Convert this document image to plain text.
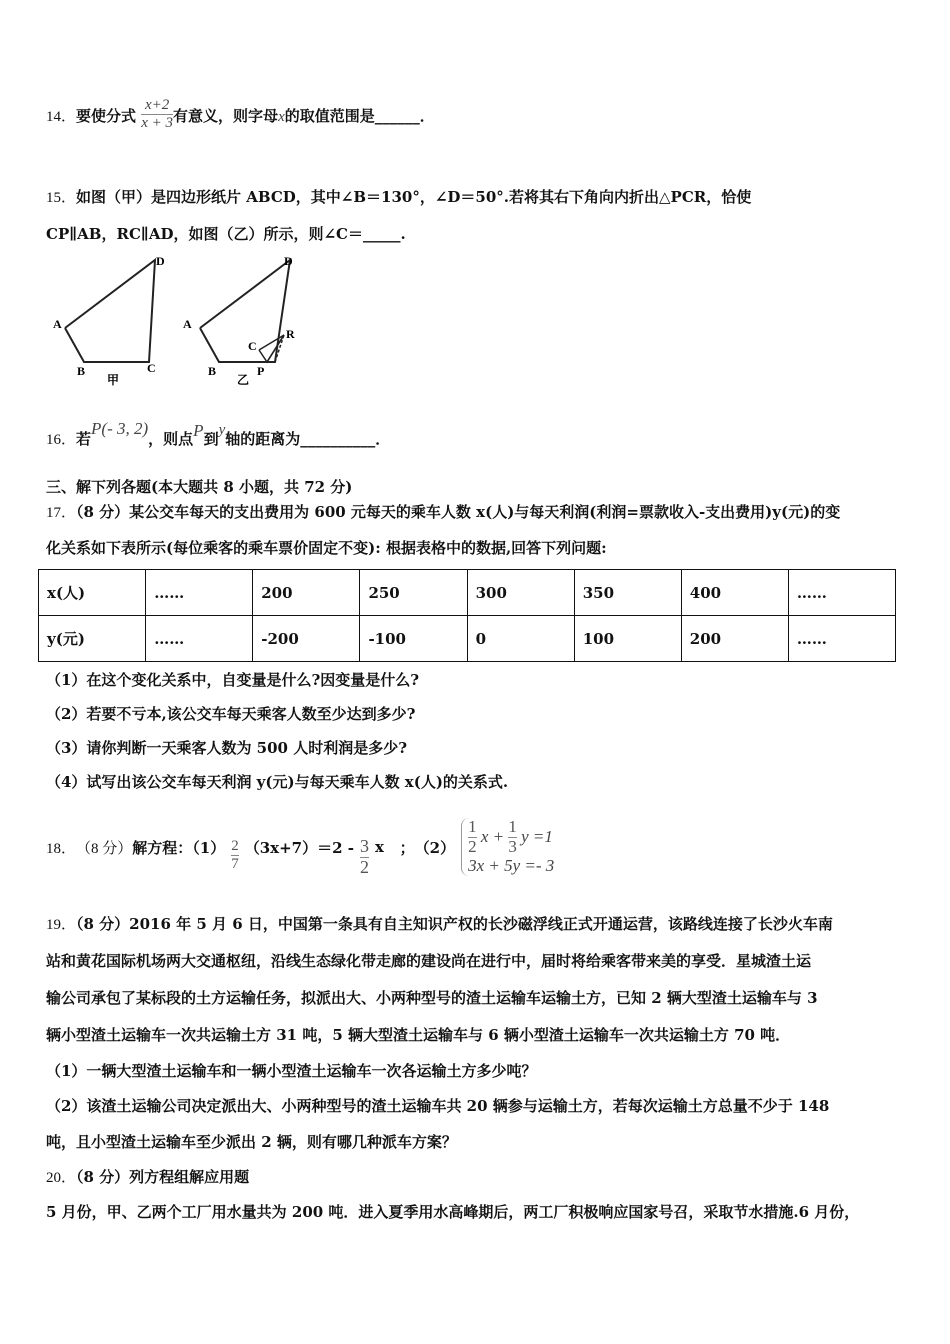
14．要使分式 $\frac{x+2}{x + 3}$ 有意义，则字母x的取值范围是______．
15．如图（甲）是四边形纸片 ABCD，其中∠B＝130°，∠D＝50°.若将其右下角向内折出△PCR，恰使
CP∥AB，RC∥AD，如图（乙）所示，则∠C＝_____.
A
B	C
D
甲
A
B
C
D
P
R
乙
16．若P(- 3, 2)，则点P到y轴的距离为__________．
三、解下列各题(本大题共 8 小题，共 72 分)
17．（8 分）某公交车每天的支出费用为 600 元每天的乘车人数 x(人)与每天利润(利润=票款收入-支出费用)y(元)的变
化关系如下表所示(每位乘客的乘车票价固定不变): 根据表格中的数据,回答下列问题:
x(人)	……	200	250	300	350	400	……
y(元)	……	-200	-100	0	100	200	……
（1）在这个变化关系中，自变量是什么?因变量是什么?
（2）若要不亏本,该公交车每天乘客人数至少达到多少?
（3）请你判断一天乘客人数为 500 人时利润是多少?
（4）试写出该公交车每天利润 y(元)与每天乘车人数 x(人)的关系式.
18． （8 分） 解方程：$(1) \frac{2}{7} (3x+7)=2 - \frac{3}{2}$ x
；　$(2) \frac{1}{2}$
x +
$\frac{1}{3}$
y =1
3x + 5y =- 3
19．（8 分）2016 年 5 月 6 日，中国第一条具有自主知识产权的长沙磁浮线正式开通运营，该路线连接了长沙火车南
站和黄花国际机场两大交通枢纽，沿线生态绿化带走廊的建设尚在进行中，届时将给乘客带来美的享受．星城渣土运
输公司承包了某标段的土方运输任务，拟派出大、小两种型号的渣土运输车运输土方，已知 2 辆大型渣土运输车与 3
辆小型渣土运输车一次共运输土方 31 吨，5 辆大型渣土运输车与 6 辆小型渣土运输车一次共运输土方 70 吨．
（1）一辆大型渣土运输车和一辆小型渣土运输车一次各运输土方多少吨？
（2）该渣土运输公司决定派出大、小两种型号的渣土运输车共 20 辆参与运输土方，若每次运输土方总量不少于 148
吨，且小型渣土运输车至少派出 2 辆，则有哪几种派车方案？
20．（8 分）列方程组解应用题
5 月份，甲、乙两个工厂用水量共为 200 吨．进入夏季用水高峰期后，两工厂积极响应国家号召，采取节水措施.6 月份，
